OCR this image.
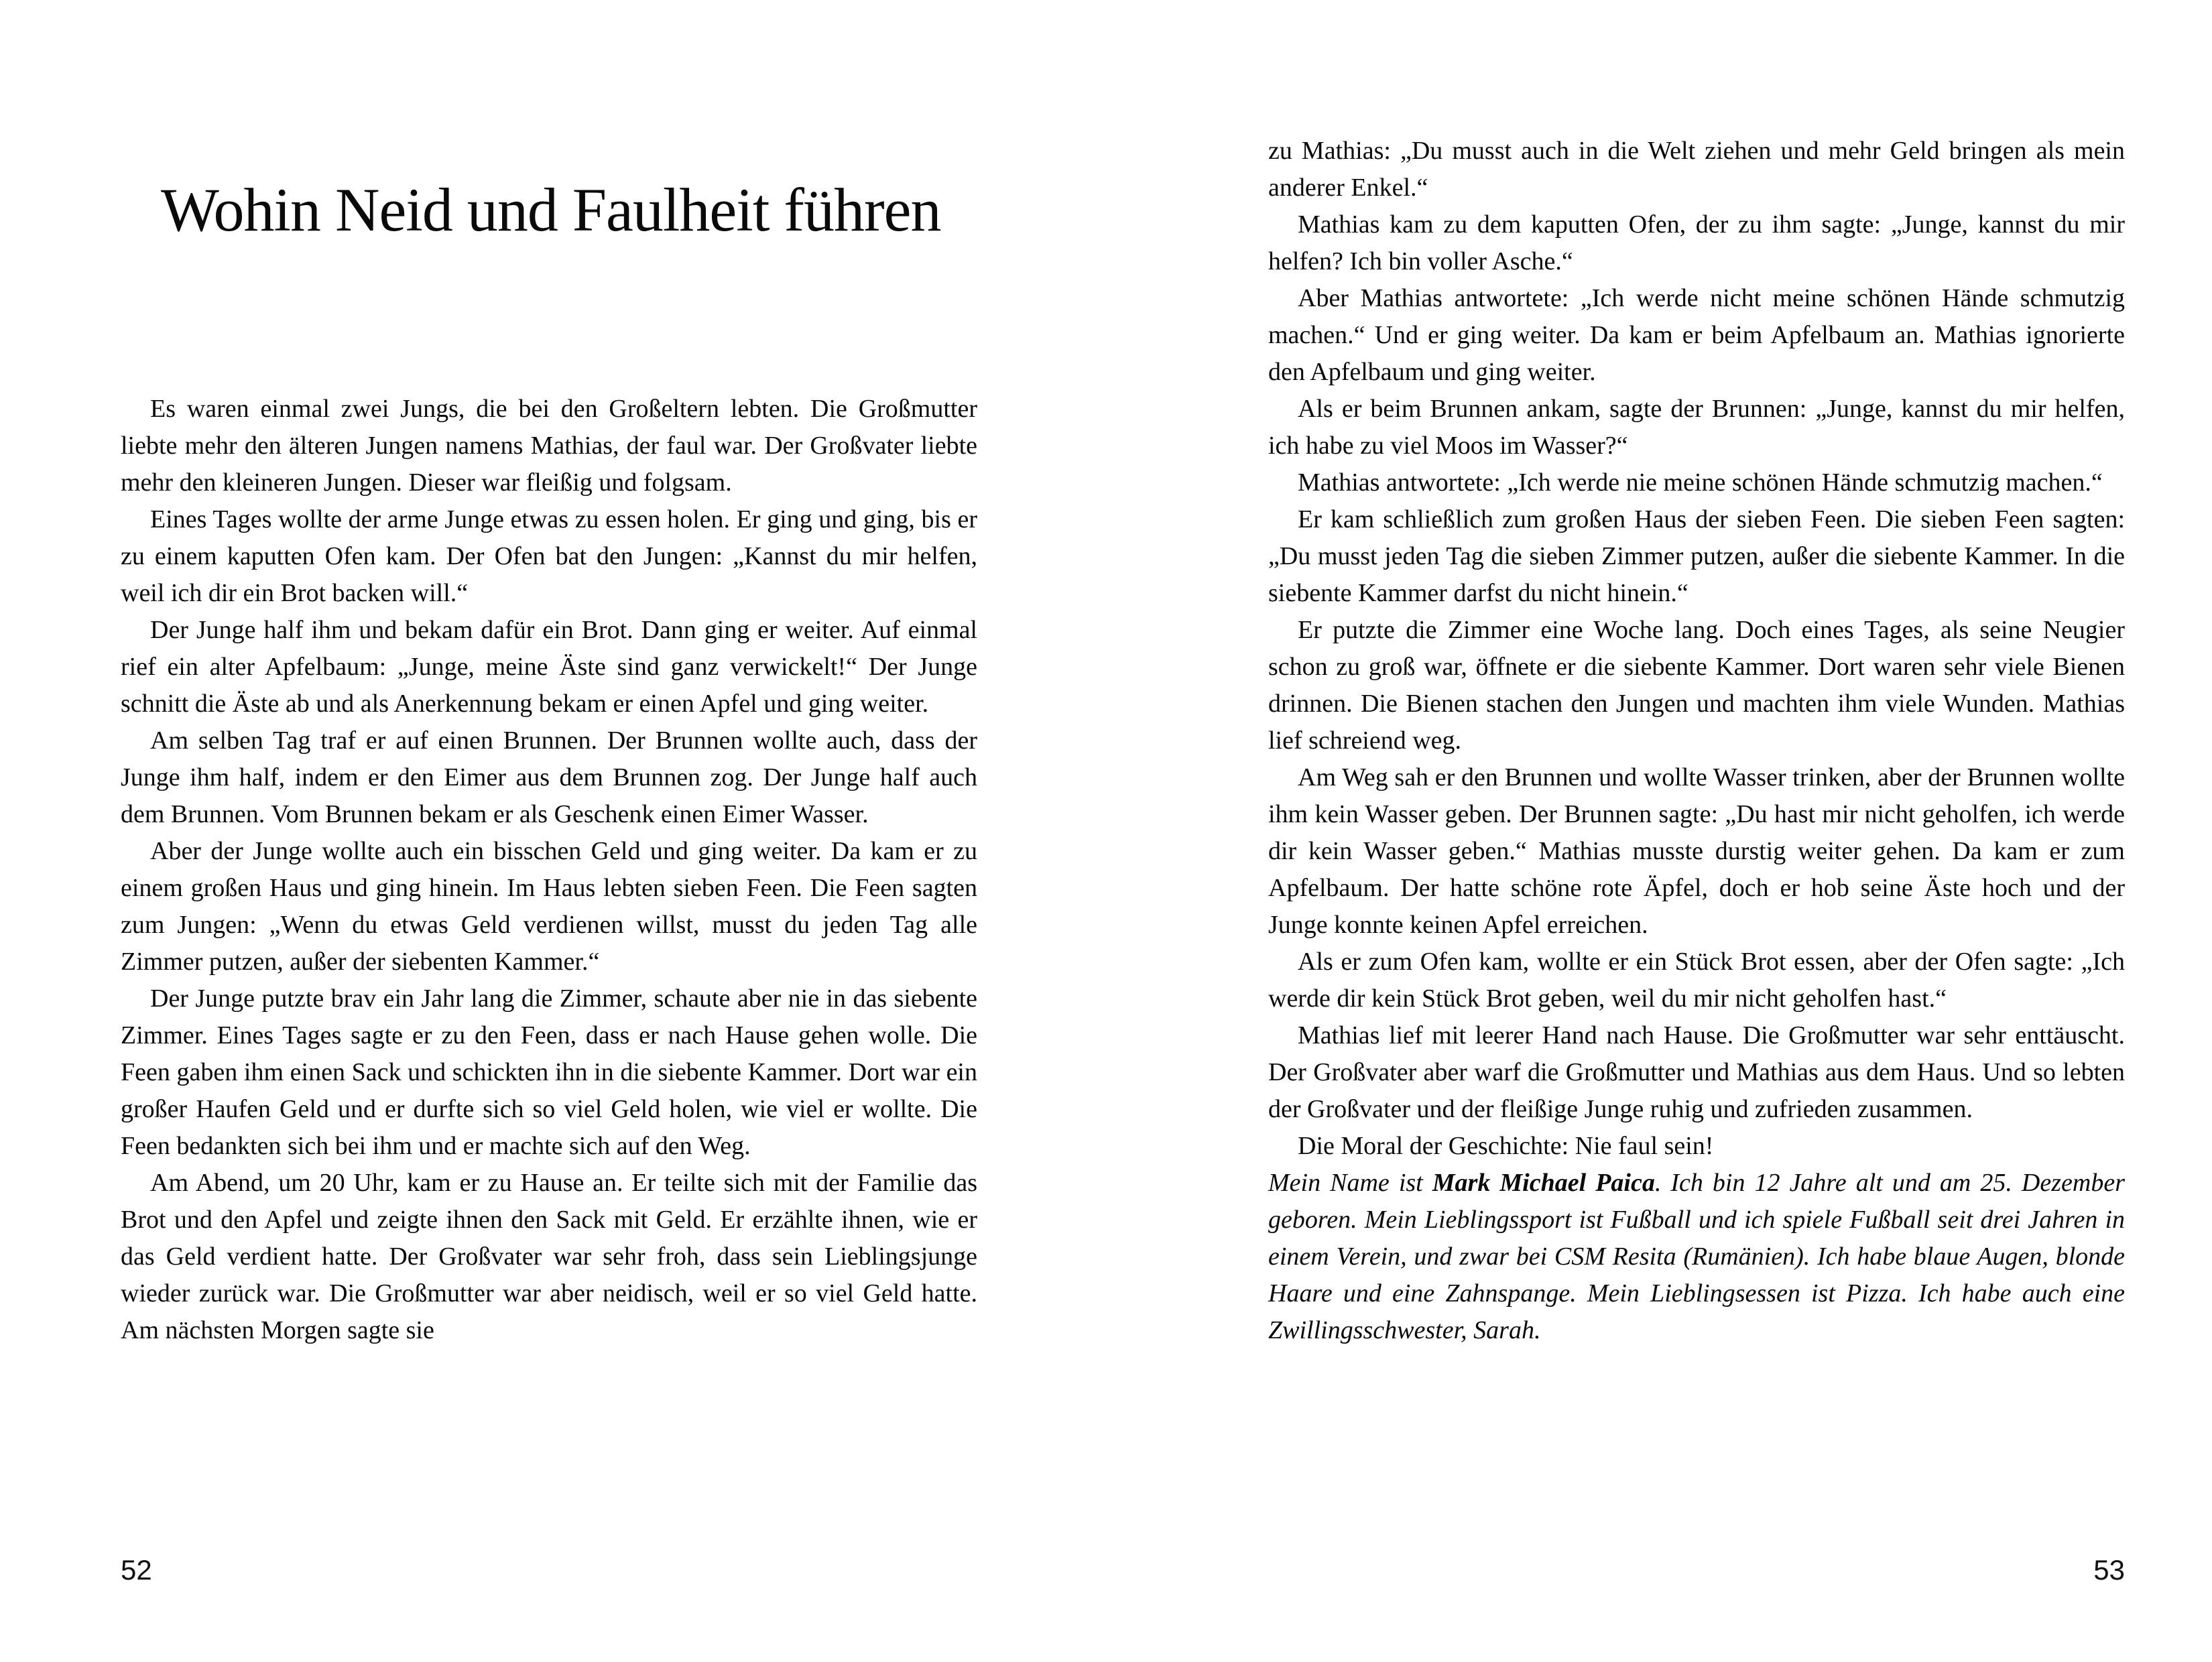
Wohin Neid und Faulheit führen

Es waren einmal zwei Jungs, die bei den Großeltern lebten. Die Großmutter liebte mehr den älteren Jungen namens Mathias, der faul war. Der Großvater liebte mehr den kleineren Jungen. Dieser war fleißig und folgsam.

Eines Tages wollte der arme Junge etwas zu essen holen. Er ging und ging, bis er zu einem kaputten Ofen kam. Der Ofen bat den Jungen: „Kannst du mir helfen, weil ich dir ein Brot backen will.“

Der Junge half ihm und bekam dafür ein Brot. Dann ging er weiter. Auf einmal rief ein alter Apfelbaum: „Junge, meine Äste sind ganz verwickelt!“ Der Junge schnitt die Äste ab und als Anerkennung bekam er einen Apfel und ging weiter.

Am selben Tag traf er auf einen Brunnen. Der Brunnen wollte auch, dass der Junge ihm half, indem er den Eimer aus dem Brunnen zog. Der Junge half auch dem Brunnen. Vom Brunnen bekam er als Geschenk einen Eimer Wasser.

Aber der Junge wollte auch ein bisschen Geld und ging weiter. Da kam er zu einem großen Haus und ging hinein. Im Haus lebten sieben Feen. Die Feen sagten zum Jungen: „Wenn du etwas Geld verdienen willst, musst du jeden Tag alle Zimmer putzen, außer der siebenten Kammer.“

Der Junge putzte brav ein Jahr lang die Zimmer, schaute aber nie in das siebente Zimmer. Eines Tages sagte er zu den Feen, dass er nach Hause gehen wolle. Die Feen gaben ihm einen Sack und schickten ihn in die siebente Kammer. Dort war ein großer Haufen Geld und er durfte sich so viel Geld holen, wie viel er wollte. Die Feen bedankten sich bei ihm und er machte sich auf den Weg.

Am Abend, um 20 Uhr, kam er zu Hause an. Er teilte sich mit der Familie das Brot und den Apfel und zeigte ihnen den Sack mit Geld. Er erzählte ihnen, wie er das Geld verdient hatte. Der Großvater war sehr froh, dass sein Lieblingsjunge wieder zurück war. Die Großmutter war aber neidisch, weil er so viel Geld hatte. Am nächsten Morgen sagte sie

52

zu Mathias: „Du musst auch in die Welt ziehen und mehr Geld bringen als mein anderer Enkel.“

Mathias kam zu dem kaputten Ofen, der zu ihm sagte: „Junge, kannst du mir helfen? Ich bin voller Asche.“

Aber Mathias antwortete: „Ich werde nicht meine schönen Hände schmutzig machen.“ Und er ging weiter. Da kam er beim Apfelbaum an. Mathias ignorierte den Apfelbaum und ging weiter.

Als er beim Brunnen ankam, sagte der Brunnen: „Junge, kannst du mir helfen, ich habe zu viel Moos im Wasser?“

Mathias antwortete: „Ich werde nie meine schönen Hände schmutzig machen.“

Er kam schließlich zum großen Haus der sieben Feen. Die sieben Feen sagten: „Du musst jeden Tag die sieben Zimmer putzen, außer die siebente Kammer. In die siebente Kammer darfst du nicht hinein.“

Er putzte die Zimmer eine Woche lang. Doch eines Tages, als seine Neugier schon zu groß war, öffnete er die siebente Kammer. Dort waren sehr viele Bienen drinnen. Die Bienen stachen den Jungen und machten ihm viele Wunden. Mathias lief schreiend weg.

Am Weg sah er den Brunnen und wollte Wasser trinken, aber der Brunnen wollte ihm kein Wasser geben. Der Brunnen sagte: „Du hast mir nicht geholfen, ich werde dir kein Wasser geben.“ Mathias musste durstig weiter gehen. Da kam er zum Apfelbaum. Der hatte schöne rote Äpfel, doch er hob seine Äste hoch und der Junge konnte keinen Apfel erreichen.

Als er zum Ofen kam, wollte er ein Stück Brot essen, aber der Ofen sagte: „Ich werde dir kein Stück Brot geben, weil du mir nicht geholfen hast.“

Mathias lief mit leerer Hand nach Hause. Die Großmutter war sehr enttäuscht. Der Großvater aber warf die Großmutter und Mathias aus dem Haus. Und so lebten der Großvater und der fleißige Junge ruhig und zufrieden zusammen.

Die Moral der Geschichte: Nie faul sein!

Mein Name ist Mark Michael Paica. Ich bin 12 Jahre alt und am 25. Dezember geboren. Mein Lieblingssport ist Fußball und ich spiele Fußball seit drei Jahren in einem Verein, und zwar bei CSM Resita (Rumänien). Ich habe blaue Augen, blonde Haare und eine Zahnspange. Mein Lieblingsessen ist Pizza. Ich habe auch eine Zwillingsschwester, Sarah.

53
